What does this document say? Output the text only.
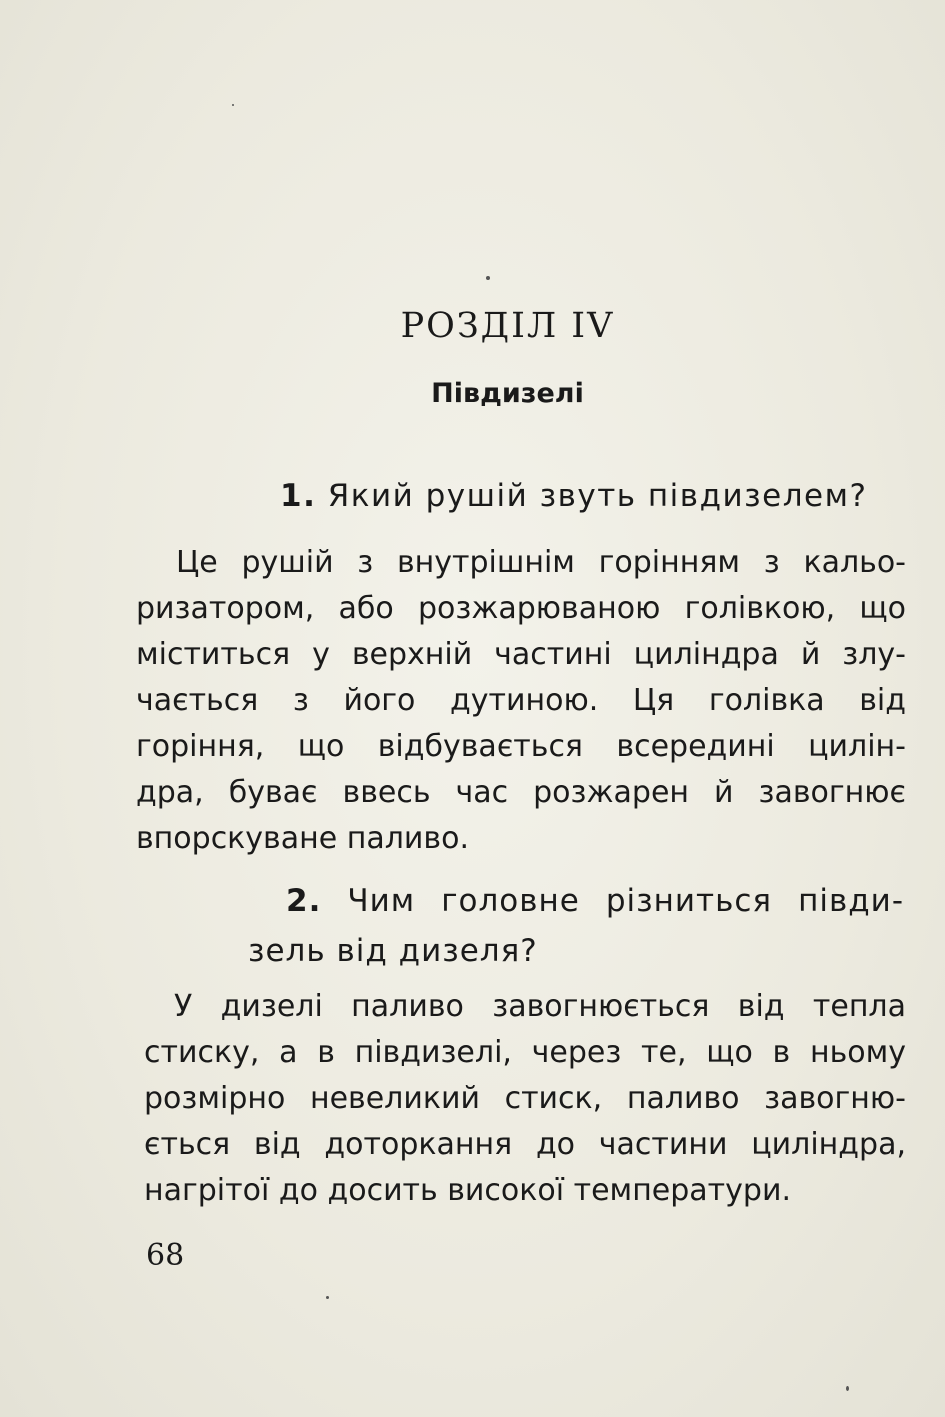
РОЗДІЛ IV
Півдизелі

1. Який рушій звуть півдизелем?

Це рушій з внутрішнім горінням з кальо-
ризатором, або розжарюваною голівкою, що
міститься у верхній частині циліндра й злу-
чається з його дутиною. Ця голівка від
горіння, що відбувається всередині цилін-
дра, буває ввесь час розжарен й завогнює
впорскуване паливо.

2. Чим головне різниться півди-
зель від дизеля?

У дизелі паливо завогнюється від тепла
стиску, а в півдизелі, через те, що в ньому
розмірно невеликий стиск, паливо завогню-
ється від доторкання до частини циліндра,
нагрітої до досить високої температури.

68
